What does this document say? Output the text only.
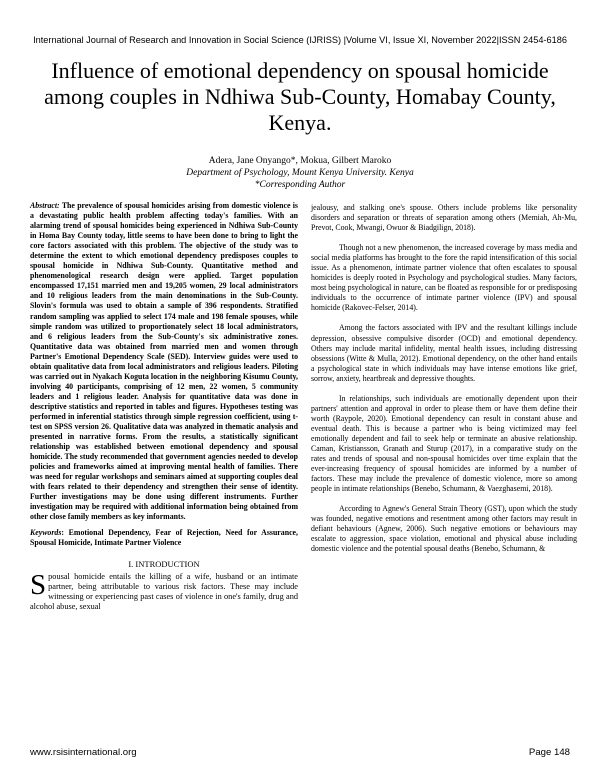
International Journal of Research and Innovation in Social Science (IJRISS) |Volume VI, Issue XI, November 2022|ISSN 2454-6186
Influence of emotional dependency on spousal homicide among couples in Ndhiwa Sub-County, Homabay County, Kenya.
Adera, Jane Onyango*, Mokua, Gilbert Maroko
Department of Psychology, Mount Kenya University. Kenya
*Corresponding Author

Abstract: The prevalence of spousal homicides arising from domestic violence is a devastating public health problem affecting today's families. With an alarming trend of spousal homicides being experienced in Ndhiwa Sub-County in Homa Bay County today, little seems to have been done to bring to light the core factors associated with this problem. The objective of the study was to determine the extent to which emotional dependency predisposes couples to spousal homicide in Ndhiwa Sub-County. Quantitative method and phenomenological research design were applied. Target population encompassed 17,151 married men and 19,205 women, 29 local administrators and 10 religious leaders from the main denominations in the Sub-County. Slovin's formula was used to obtain a sample of 396 respondents. Stratified random sampling was applied to select 174 male and 198 female spouses, while simple random was utilized to proportionately select 18 local administrators, and 6 religious leaders from the Sub-County's six administrative zones. Quantitative data was obtained from married men and women through Partner's Emotional Dependency Scale (SED). Interview guides were used to obtain qualitative data from local administrators and religious leaders. Piloting was carried out in Nyakach Koguta location in the neighboring Kisumu County, involving 40 participants, comprising of 12 men, 22 women, 5 community leaders and 1 religious leader. Analysis for quantitative data was done in descriptive statistics and reported in tables and figures. Hypotheses testing was performed in inferential statistics through simple regression coefficient, using t-test on SPSS version 26. Qualitative data was analyzed in thematic analysis and presented in narrative forms. From the results, a statistically significant relationship was established between emotional dependency and spousal homicide. The study recommended that government agencies needed to develop policies and frameworks aimed at improving mental health of families. There was need for regular workshops and seminars aimed at supporting couples deal with fears related to their dependency and strengthen their sense of identity. Further investigations may be done using different instruments. Further investigation may be required with additional information being obtained from other close family members as key informants.

Keywords: Emotional Dependency, Fear of Rejection, Need for Assurance, Spousal Homicide, Intimate Partner Violence

I. INTRODUCTION

Spousal homicide entails the killing of a wife, husband or an intimate partner, being attributable to various risk factors. These may include witnessing or experiencing past cases of violence in one's family, drug and alcohol abuse, sexual

jealousy, and stalking one's spouse. Others include problems like personality disorders and separation or threats of separation among others (Memiah, Ah-Mu, Prevot, Cook, Mwangi, Owuor & Biadgilign, 2018).

Though not a new phenomenon, the increased coverage by mass media and social media platforms has brought to the fore the rapid intensification of this social issue. As a phenomenon, intimate partner violence that often escalates to spousal homicides is deeply rooted in Psychology and psychological studies. Many factors, most being psychological in nature, can be floated as responsible for or predisposing individuals to the occurrence of intimate partner violence (IPV) and spousal homicide (Rakovec-Felser, 2014).

Among the factors associated with IPV and the resultant killings include depression, obsessive compulsive disorder (OCD) and emotional dependency. Others may include marital infidelity, mental health issues, including distressing obsessions (Witte & Mulla, 2012). Emotional dependency, on the other hand entails a psychological state in which individuals may have intense emotions like grief, sorrow, anxiety, heartbreak and depressive thoughts.

In relationships, such individuals are emotionally dependent upon their partners' attention and approval in order to please them or have them define their worth (Raypole, 2020). Emotional dependency can result in constant abuse and eventual death. This is because a partner who is being victimized may feel emotionally dependent and fail to seek help or terminate an abusive relationship. Caman, Kristiansson, Granath and Sturup (2017), in a comparative study on the rates and trends of spousal and non-spousal homicides over time explain that the ever-increasing frequency of spousal homicides are informed by a number of factors. These may include the prevalence of domestic violence, more so among people in intimate relationships (Benebo, Schumann, & Vaezghasemi, 2018).

According to Agnew's General Strain Theory (GST), upon which the study was founded, negative emotions and resentment among other factors may result in defiant behaviours (Agnew, 2006). Such negative emotions or behaviours may escalate to aggression, space violation, emotional and physical abuse including domestic violence and the potential spousal deaths (Benebo, Schumann, &

www.rsisinternational.org	Page 148
